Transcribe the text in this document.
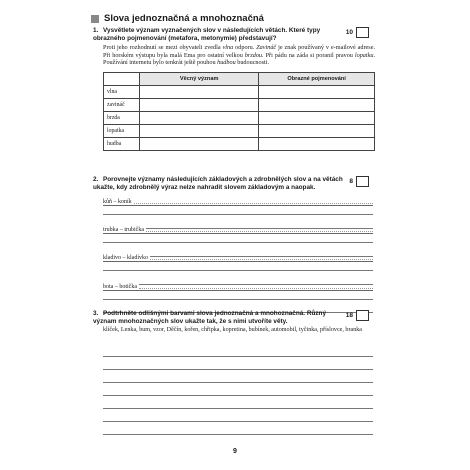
Slova jednoznačná a mnohoznačná
1. Vysvětlete význam vyznačených slov v následujících větách. Které typy obrazného pojmenování (metafora, metonymie) představují?
10
Proti jeho rozhodnutí se mezi obyvateli zvedla vlna odporu. Zavináč je znak používaný v e-mailové adrese. Při horském výstupu byla malá Ema pro ostatní velkou brzdou. Při pádu na záda si poranil pravou lopatku. Používání internetu bylo tenkrát ještě pouhou hudbou budoucnosti.
	Věcný význam	Obrazné pojmenování
vlna		
zavináč		
brzda		
lopatka		
hudba		
2. Porovnejte významy následujících základových a zdrobnělých slov a na větách ukažte, kdy zdrobnělý výraz nelze nahradit slovem základovým a naopak.
8
kůň – koník
trubka – trubička
kladivo – kladívko
bota – botička
3. Podtrhněte odlišnými barvami slova jednoznačná a mnohoznačná. Různý význam mnohoznačných slov ukažte tak, že s nimi utvoříte věty.
18
klíček, Lenka, bum, vzor, Děčín, kořen, chřipka, kopretina, bubínek, automobil, tyčinka, příslovce, branka
9
